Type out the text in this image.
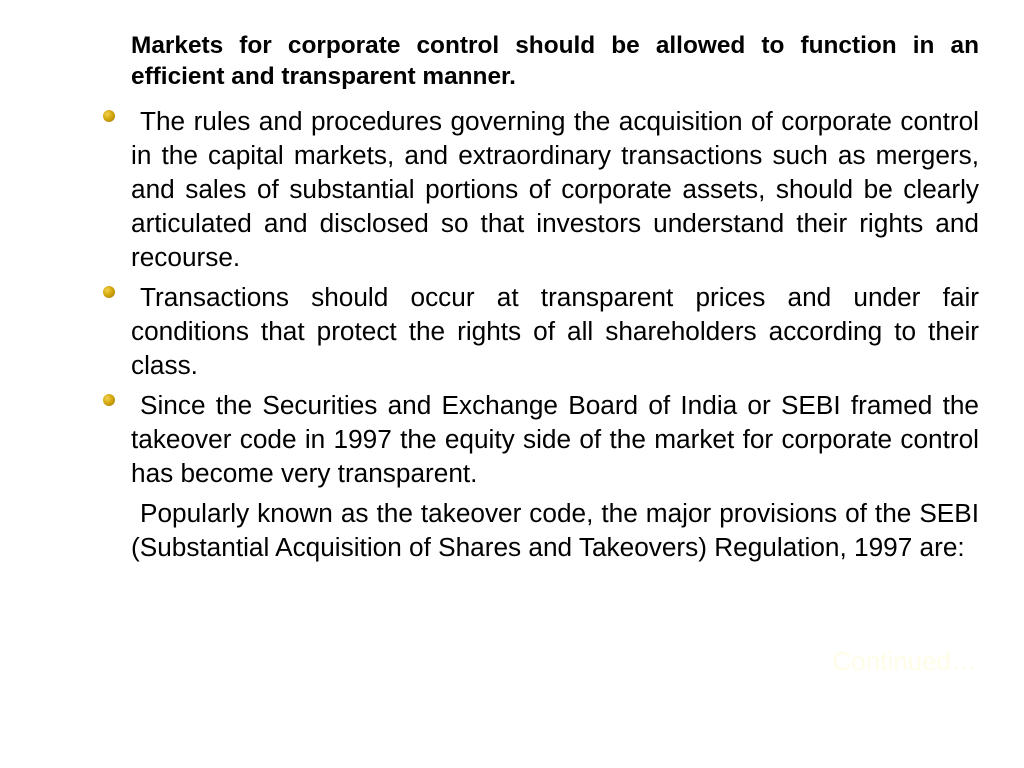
Markets for corporate control should be allowed to function in an efficient and transparent manner.

The rules and procedures governing the acquisition of corporate control in the capital markets, and extraordinary transactions such as mergers, and sales of substantial portions of corporate assets, should be clearly articulated and disclosed so that investors understand their rights and recourse.
Transactions should occur at transparent prices and under fair conditions that protect the rights of all shareholders according to their class.
Since the Securities and Exchange Board of India or SEBI framed the takeover code in 1997 the equity side of the market for corporate control has become very transparent.

Popularly known as the takeover code, the major provisions of the SEBI (Substantial Acquisition of Shares and Takeovers) Regulation, 1997 are:

Continued…
